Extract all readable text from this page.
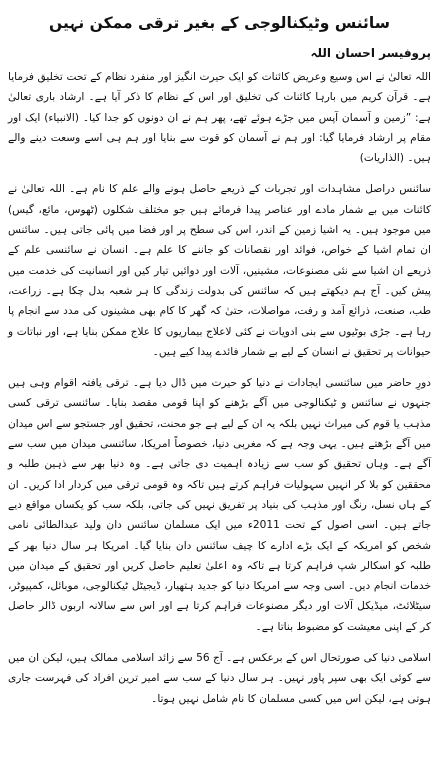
سائنس وٹیکنالوجی کے بغیر ترقی ممکن نہیں
پروفیسر احسان اللہ

اللہ تعالیٰ نے اس وسیع وعریض کائنات کو ایک حیرت انگیز اور منفرد نظام کے تحت تخلیق فرمایا ہے۔ قرآن کریم میں بارہا کائنات کی تخلیق اور اس کے نظام کا ذکر آیا ہے۔ ارشاد باری تعالیٰ ہے: ”زمین و آسمان آپس میں جڑے ہوئے تھے، پھر ہم نے ان دونوں کو جدا کیا۔ (الانبیاء) ایک اور مقام پر ارشاد فرمایا گیا: اور ہم نے آسمان کو قوت سے بنایا اور ہم ہی اسے وسعت دینے والے ہیں۔ (الذاریات)

سائنس دراصل مشاہدات اور تجربات کے ذریعے حاصل ہونے والے علم کا نام ہے۔ اللہ تعالیٰ نے کائنات میں بے شمار مادے اور عناصر پیدا فرمائے ہیں جو مختلف شکلوں (ٹھوس، مائع، گیس) میں موجود ہیں۔ یہ اشیا زمین کے اندر، اس کی سطح پر اور فضا میں پائی جاتی ہیں۔ سائنس ان تمام اشیا کے خواص، فوائد اور نقصانات کو جاننے کا علم ہے۔ انسان نے سائنسی علم کے ذریعے ان اشیا سے نئی مصنوعات، مشینیں، آلات اور دوائیں تیار کیں اور انسانیت کی خدمت میں پیش کیں۔ آج ہم دیکھتے ہیں کہ سائنس کی بدولت زندگی کا ہر شعبہ بدل چکا ہے۔ زراعت، طب، صنعت، ذرائع آمد و رفت، مواصلات، حتیٰ کہ گھر کا کام بھی مشینوں کی مدد سے انجام پا رہا ہے۔ جڑی بوٹیوں سے بنی ادویات نے کئی لاعلاج بیماریوں کا علاج ممکن بنایا ہے، اور نباتات و حیوانات پر تحقیق نے انسان کے لیے بے شمار فائدے پیدا کیے ہیں۔

دورِ حاضر میں سائنسی ایجادات نے دنیا کو حیرت میں ڈال دیا ہے۔ ترقی یافتہ اقوام وہی ہیں جنہوں نے سائنس و ٹیکنالوجی میں آگے بڑھنے کو اپنا قومی مقصد بنایا۔ سائنسی ترقی کسی مذہب یا قوم کی میراث نہیں بلکہ یہ ان کے لیے ہے جو محنت، تحقیق اور جستجو سے اس میدان میں آگے بڑھتے ہیں۔ یہی وجہ ہے کہ مغربی دنیا، خصوصاً امریکا، سائنسی میدان میں سب سے آگے ہے۔ وہاں تحقیق کو سب سے زیادہ اہمیت دی جاتی ہے۔ وہ دنیا بھر سے ذہین طلبہ و محققین کو بلا کر انہیں سہولیات فراہم کرتے ہیں تاکہ وہ قومی ترقی میں کردار ادا کریں۔ ان کے ہاں نسل، رنگ اور مذہب کی بنیاد پر تفریق نہیں کی جاتی، بلکہ سب کو یکساں مواقع دیے جاتے ہیں۔ اسی اصول کے تحت 2011ء میں ایک مسلمان سائنس دان ولید عبدالطائی نامی شخص کو امریکہ کے ایک بڑے ادارے کا چیف سائنس دان بنایا گیا۔ امریکا ہر سال دنیا بھر کے طلبہ کو اسکالر شپ فراہم کرتا ہے تاکہ وہ اعلیٰ تعلیم حاصل کریں اور تحقیق کے میدان میں خدمات انجام دیں۔ اسی وجہ سے امریکا دنیا کو جدید ہتھیار، ڈیجیٹل ٹیکنالوجی، موبائل، کمپیوٹر، سیٹلائٹ، میڈیکل آلات اور دیگر مصنوعات فراہم کرتا ہے اور اس سے سالانہ اربوں ڈالر حاصل کر کے اپنی معیشت کو مضبوط بناتا ہے۔

اسلامی دنیا کی صورتحال اس کے برعکس ہے۔ آج 56 سے زائد اسلامی ممالک ہیں، لیکن ان میں سے کوئی ایک بھی سپر پاور نہیں۔ ہر سال دنیا کے سب سے امیر ترین افراد کی فہرست جاری ہوتی ہے، لیکن اس میں کسی مسلمان کا نام شامل نہیں ہوتا۔
